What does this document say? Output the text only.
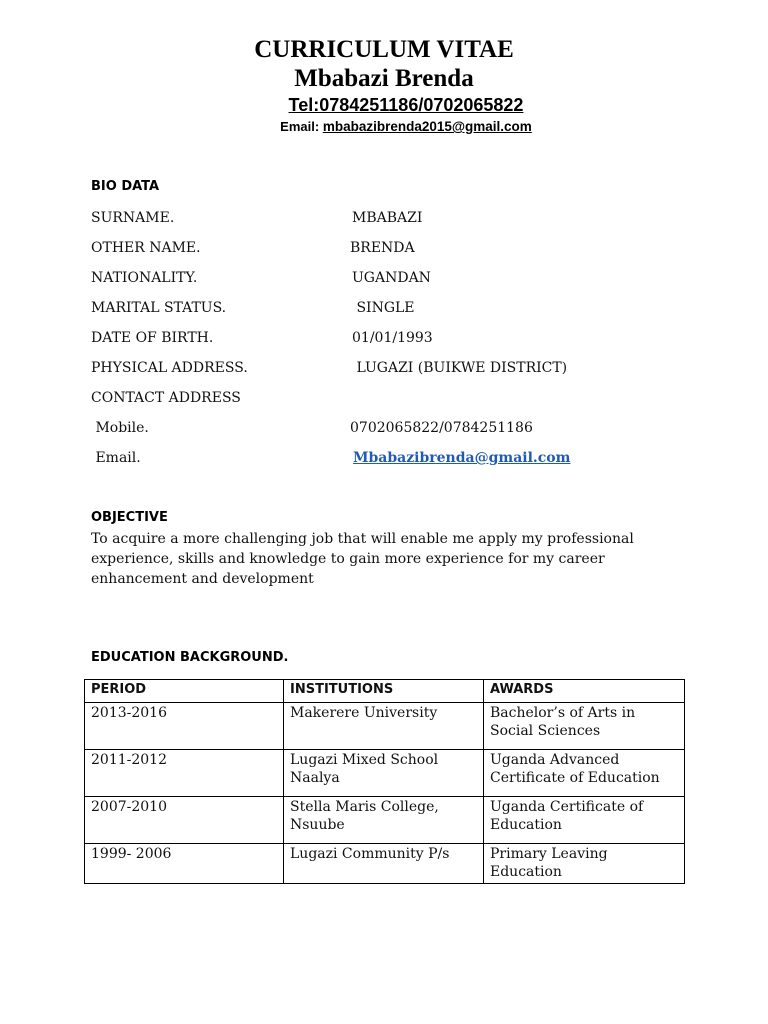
CURRICULUM VITAE
Mbabazi Brenda
Tel:0784251186/0702065822
Email: mbabazibrenda2015@gmail.com
BIO DATA
SURNAME.	MBABAZI
OTHER NAME.	BRENDA
NATIONALITY.	UGANDAN
MARITAL STATUS.	SINGLE
DATE OF BIRTH.	01/01/1993
PHYSICAL ADDRESS.	LUGAZI (BUIKWE DISTRICT)
CONTACT ADDRESS
Mobile.	0702065822/0784251186
Email.	Mbabazibrenda@gmail.com
OBJECTIVE
To acquire a more challenging job that will enable me apply my professional experience, skills and knowledge to gain more experience for my career enhancement and development
EDUCATION BACKGROUND.
PERIOD	INSTITUTIONS	AWARDS
2013-2016	Makerere University	Bachelor’s of Arts in Social Sciences
2011-2012	Lugazi Mixed School Naalya	Uganda Advanced Certificate of Education
2007-2010	Stella Maris College, Nsuube	Uganda Certificate of Education
1999- 2006	Lugazi Community P/s	Primary Leaving Education
